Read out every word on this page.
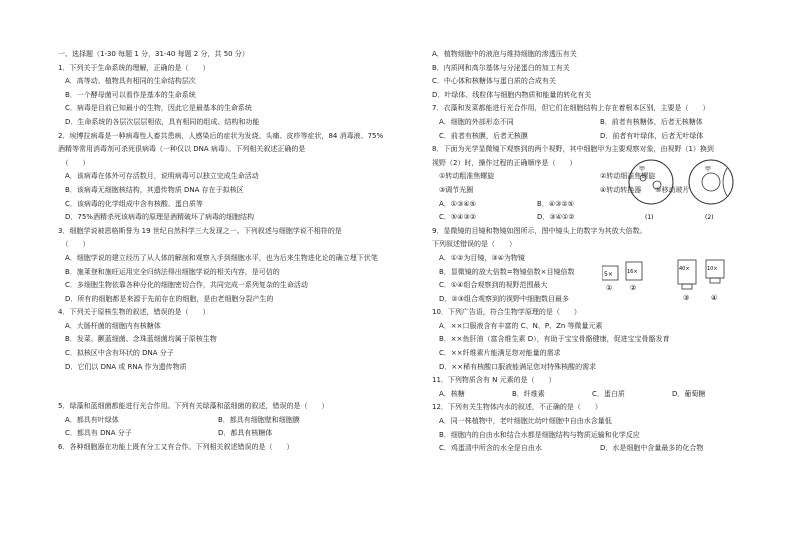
一、选择题（1-30 每题 1 分，31-40 每题 2 分，共 50 分）
1．下列关于生命系统的理解，正确的是（　　）
　A．高等动、植物具有相同的生命结构层次
　B．一个酵母菌可以看作是基本的生命系统
　C．病毒是目前已知最小的生物，因此它是最基本的生命系统
　D．生命系统的各层次层层相依，具有相同的组成、结构和功能
2．埃博拉病毒是一种病毒性人畜共患病，人感染后的症状为发烧、头痛、皮疹等症状，84 消毒液、75%
酒精等常用消毒剂可杀死很病毒（一种仅以 DNA 病毒）。下列相关叙述正确的是
　（　　）
　A．该病毒在体外可存活数月，说明病毒可以独立完成生命活动
　B．该病毒无细胞核结构，其遗传物质 DNA 存在于拟核区
　C．该病毒的化学组成中含有核酸、蛋白质等
　D．75%酒精杀死该病毒的原理是酒精破坏了病毒的细胞结构
3．细胞学说被恩格斯誉为 19 世纪自然科学三大发现之一。下列叙述与细胞学说不相符的是
　（　　）
　A．细胞学说的建立经历了从人体的解剖和观察入手到细胞水平，也为后来生物进化论的确立埋下伏笔
　B．施莱登和施旺运用完全归纳法得出细胞学说的相关内容，是可信的
　C．多细胞生物依靠各种分化的细胞密切合作，共同完成一系列复杂的生命活动
　D．所有的细胞都是来源于先前存在的细胞，是由老细胞分裂产生的
4．下列关于原核生物的叙述，错误的是（　　）
　A．大肠杆菌的细胞内有核糖体
　B．发菜、颤蓝细菌、念珠蓝细菌均属于原核生物
　C．拟核区中含有环状的 DNA 分子
　D．它们以 DNA 或 RNA 作为遗传物质
5．绿藻和蓝细菌都能进行光合作用。下列有关绿藻和蓝细菌的叙述，错误的是（　　）
　A．都具有叶绿体	B．都具有细胞壁和细胞膜
　C．都具有 DNA 分子	D．都具有核糖体
6．各种细胞器在功能上既有分工又有合作。下列相关叙述错误的是（　　）
A．植物细胞中的液泡与维持细胞的渗透压有关
B．内质网和高尔基体与分泌蛋白的加工有关
C．中心体和核糖体与蛋白质的合成有关
D．叶绿体、线粒体与细胞内物质和能量的转化有关
7．衣藻和发菜都能进行光合作用，但它们在细胞结构上存在着根本区别，主要是（　　）
　A．细胞的外部形态不同	B．前者有核糖体，后者无核糖体
　C．前者有核膜，后者无核膜	D．前者有叶绿体，后者无叶绿体
8．下面为光学显微镜下观察到的两个视野，其中细胞甲为主要观察对象，由视野（1）换到
视野（2）时，操作过程的正确顺序是（　　）
　①转动粗准焦螺旋	②转动细准焦螺旋
　③调节光圈	④转动转换器　　⑤移动玻片
　A．①③④⑤	B．④③②⑤
　C．⑤④③②	D．③④①②
9．显微镜的目镜和物镜如图所示，图中镜头上的数字为其放大倍数。
下列叙述错误的是（　　）
　A．①②为目镜，③④为物镜
　B．显微镜的放大倍数=物镜倍数×目镜倍数
　C．①④组合观察到的视野范围最大
　D．②③组合观察到的视野中细胞数目最多
10．下列广告语，符合生物学原理的是（　　）
　A．××口服液含有丰富的 C、N、P、Zn 等微量元素
　B．××鱼肝油（富含维生素 D），有助于宝宝骨骼健康，促进宝宝骨骼发育
　C．××纤维素片能满足您对能量的需求
　D．××稀有核酸口服液能满足您对特殊核酸的需求
11．下列物质含有 N 元素的是（　　）
　A．核糖	B．纤维素	C．蛋白质	D．葡萄糖
12．下列有关生物体内水的叙述，不正确的是（　　）
　A．同一株植物中，老叶细胞比幼叶细胞中自由水含量低
　B．细胞内的自由水和结合水都是细胞结构与物质运输和化学反应
　C．鸡蛋清中所含的水全是自由水	D．水是细胞中含量最多的化合物
甲
(1)
甲
(2)
5×
①
16×
②
40×
③
10×
④
